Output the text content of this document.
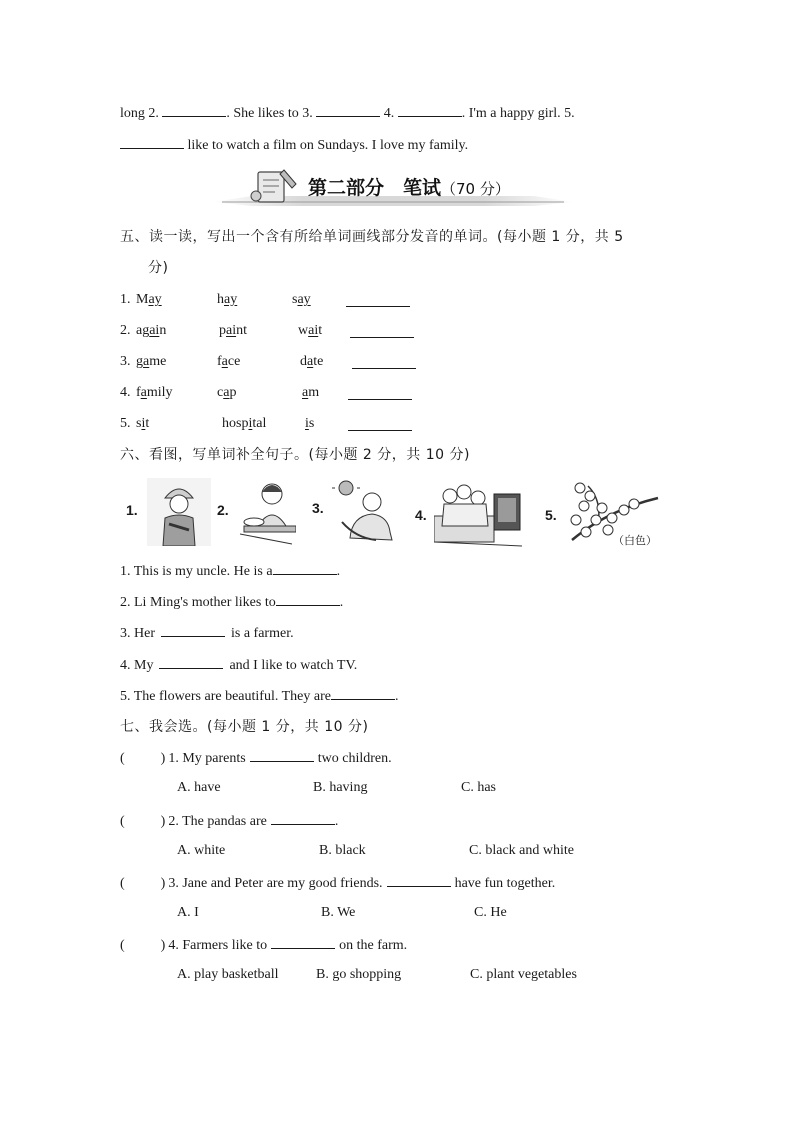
long 2.	. She likes to 3.	4.	. I'm a happy girl. 5.
like to watch a film on Sundays. I love my family.
第二部分　笔试（70 分）
五、读一读，写出一个含有所给单词画线部分发音的单词。(每小题 1 分，共 5
分)
1. May	hay	say
2. again	paint	wait
3. game	face	date
4. family	cap	am
5. sit	hospital	is
六、看图，写单词补全句子。(每小题 2 分，共 10 分)
1.	2.	3.	4.	5.
（白色）
1. This is my uncle. He is a	.
2. Li Ming's mother likes to	.
3. Her	is a farmer.
4. My	and I like to watch TV.
5. The flowers are beautiful. They are	.
七、我会选。(每小题 1 分，共 10 分)
(	) 1. My parents	two children.
A. have	B. having	C. has
(	) 2. The pandas are	.
A. white	B. black	C. black and white
(	) 3. Jane and Peter are my good friends.	have fun together.
A. I	B. We	C. He
(	) 4. Farmers like to	on the farm.
A. play basketball	B. go shopping	C. plant vegetables
